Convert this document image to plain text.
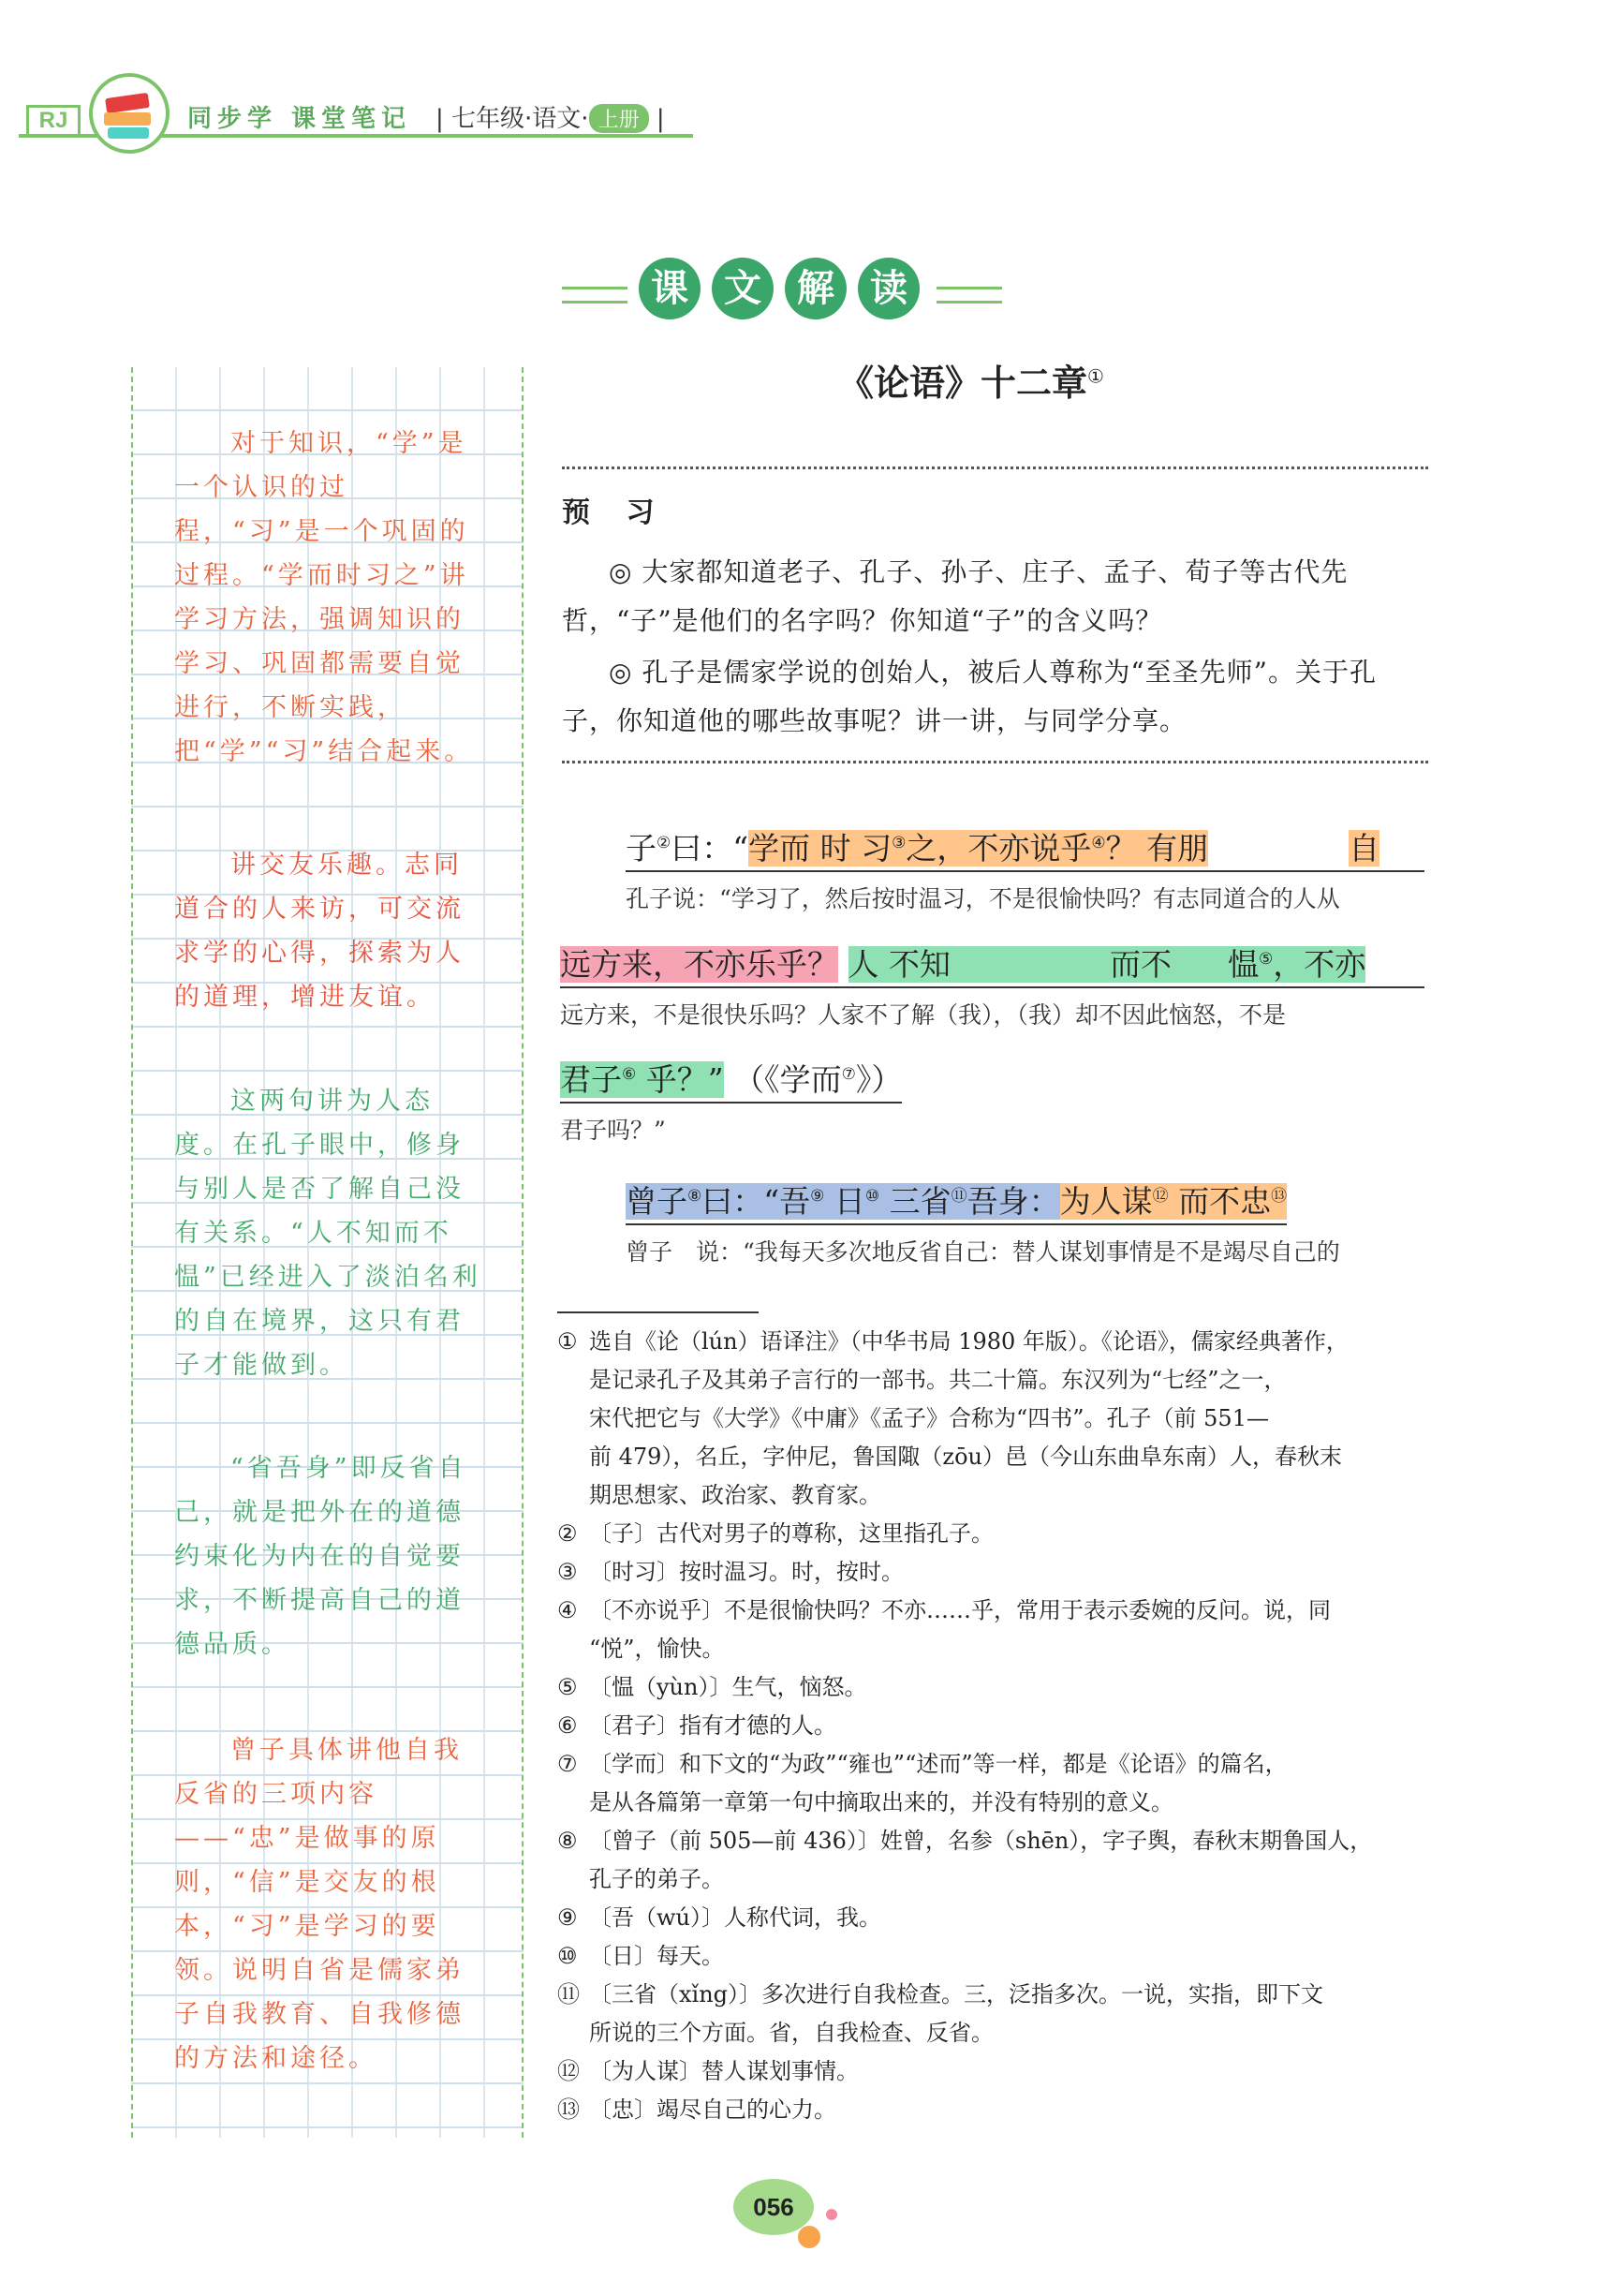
RJ	同步学 课堂笔记 | 七年级·语文· 上册 |
课 文 解 读
对于知识，“学”是一个认识的过程，“习”是一个巩固的过程。“学而时习之”讲学习方法，强调知识的学习、巩固都需要自觉进行，不断实践，把“学”“习”结合起来。
讲交友乐趣。志同道合的人来访，可交流求学的心得，探索为人的道理，增进友谊。
这两句讲为人态度。在孔子眼中，修身与别人是否了解自己没有关系。“人不知而不愠”已经进入了淡泊名利的自在境界，这只有君子才能做到。
“省吾身”即反省自己，就是把外在的道德约束化为内在的自觉要求，不断提高自己的道德品质。
曾子具体讲他自我反省的三项内容——“忠”是做事的原则，“信”是交友的根本，“习”是学习的要领。说明自省是儒家弟子自我教育、自我修德的方法和途径。
《论语》十二章①
预 习
◎ 大家都知道老子、孔子、孙子、庄子、孟子、荀子等古代先哲，“子”是他们的名字吗？你知道“子”的含义吗？
◎ 孔子是儒家学说的创始人，被后人尊称为“至圣先师”。关于孔子，你知道他的哪些故事呢？讲一讲，与同学分享。
子②曰：“学而 时 习③之，不亦说乎④？ 有朋	自
孔子说：“学习了，然后按时温习，不是很愉快吗？有志同道合的人从
远方来，不亦乐乎？ 人 不知	而不 愠⑤，不亦
远方来，不是很快乐吗？人家不了解（我），（我）却不因此恼怒，不是
君子⑥ 乎？” （《学而⑦》）
君子吗？”
曾子⑧曰：“吾⑨ 日⑩ 三省⑪吾身：为人谋⑫ 而不忠⑬
曾子　说：“我每天多次地反省自己：替人谋划事情是不是竭尽自己的
① 选自《论（lún）语译注》（中华书局 1980 年版）。《论语》，儒家经典著作，
是记录孔子及其弟子言行的一部书。共二十篇。东汉列为“七经”之一，
宋代把它与《大学》《中庸》《孟子》合称为“四书”。孔子（前 551—
前 479），名丘，字仲尼，鲁国陬（zōu）邑（今山东曲阜东南）人，春秋末
期思想家、政治家、教育家。
② 〔子〕古代对男子的尊称，这里指孔子。
③ 〔时习〕按时温习。时，按时。
④ 〔不亦说乎〕不是很愉快吗？不亦……乎，常用于表示委婉的反问。说，同
“悦”，愉快。
⑤ 〔愠（yùn）〕生气，恼怒。
⑥ 〔君子〕指有才德的人。
⑦ 〔学而〕和下文的“为政”“雍也”“述而”等一样，都是《论语》的篇名，
是从各篇第一章第一句中摘取出来的，并没有特别的意义。
⑧ 〔曾子（前 505—前 436）〕姓曾，名参（shēn），字子舆，春秋末期鲁国人，
孔子的弟子。
⑨ 〔吾（wú）〕人称代词，我。
⑩ 〔日〕每天。
⑪ 〔三省（xǐng）〕多次进行自我检查。三，泛指多次。一说，实指，即下文
所说的三个方面。省，自我检查、反省。
⑫ 〔为人谋〕替人谋划事情。
⑬ 〔忠〕竭尽自己的心力。
056
